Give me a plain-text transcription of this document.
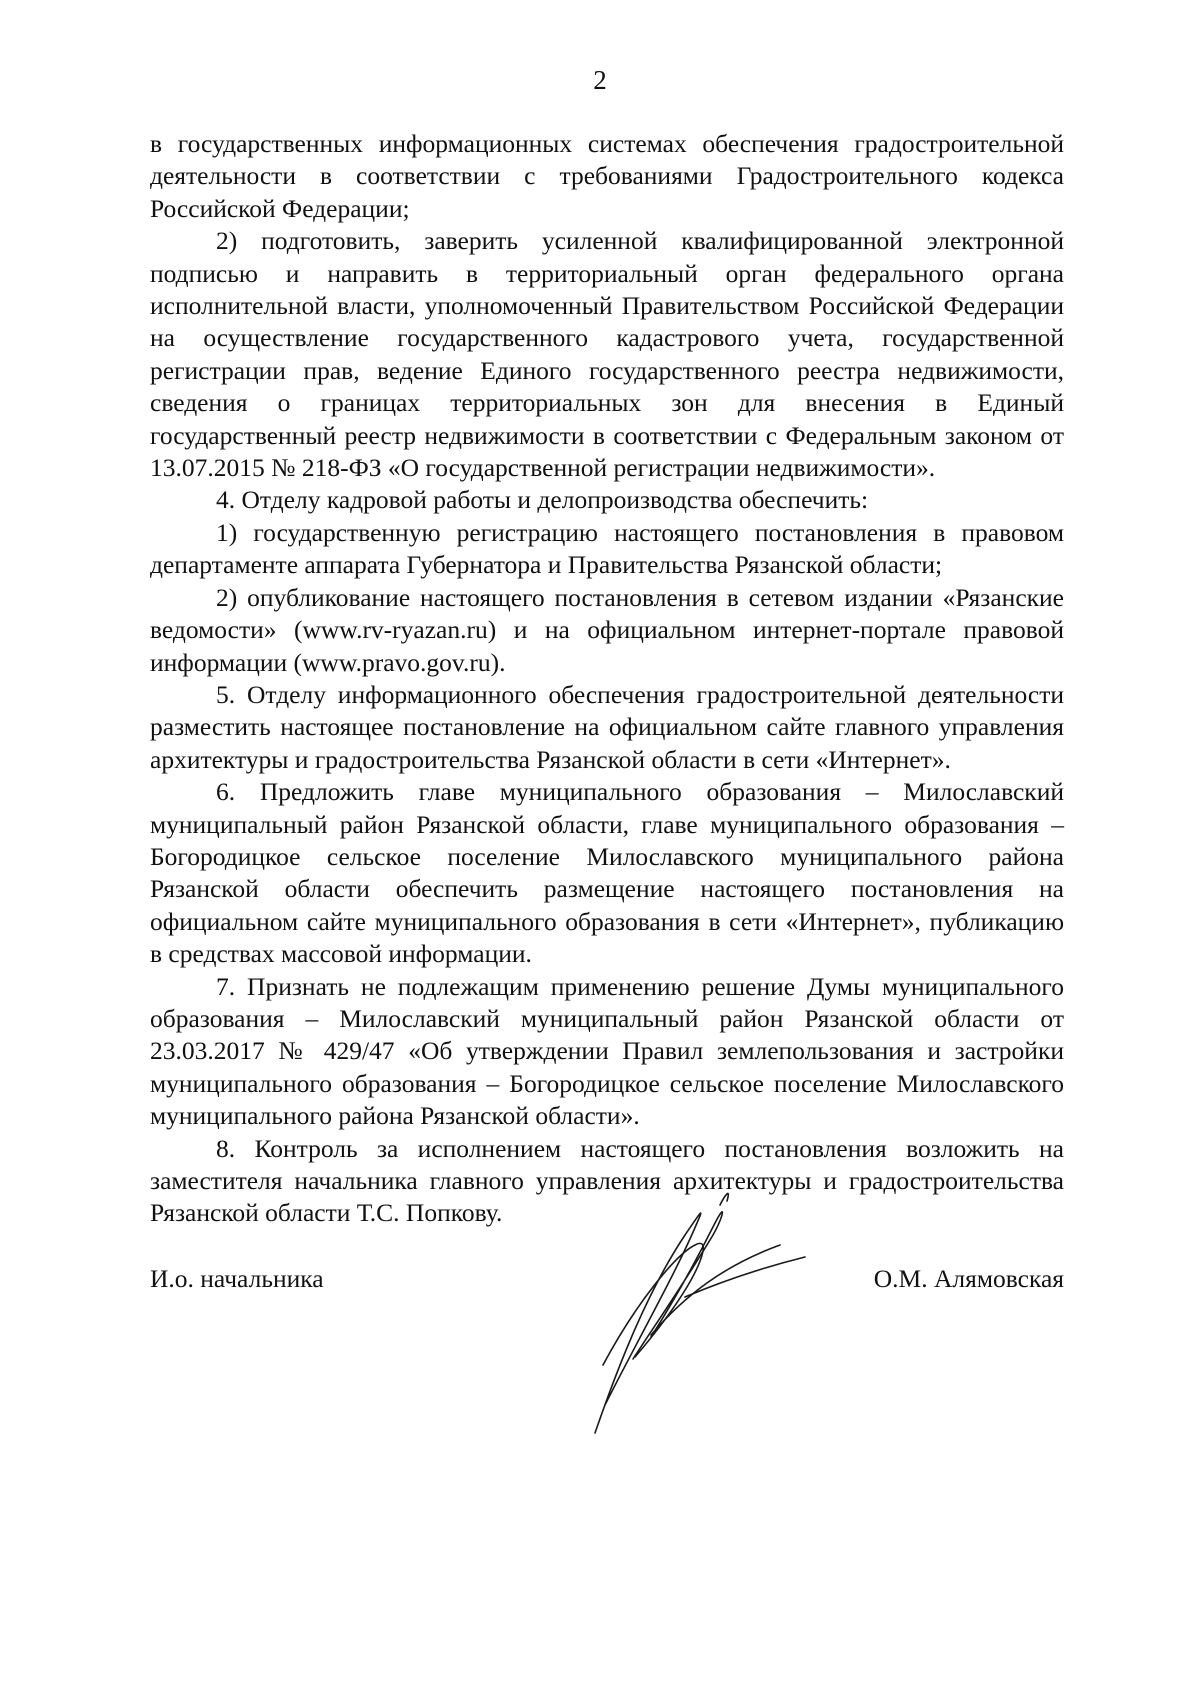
2

в государственных информационных системах обеспечения градостроительной деятельности в соответствии с требованиями Градостроительного кодекса Российской Федерации;

2) подготовить, заверить усиленной квалифицированной электронной подписью и направить в территориальный орган федерального органа исполнительной власти, уполномоченный Правительством Российской Федерации на осуществление государственного кадастрового учета, государственной регистрации прав, ведение Единого государственного реестра недвижимости, сведения о границах территориальных зон для внесения в Единый государственный реестр недвижимости в соответствии с Федеральным законом от 13.07.2015 № 218-ФЗ «О государственной регистрации недвижимости».

4. Отделу кадровой работы и делопроизводства обеспечить:

1) государственную регистрацию настоящего постановления в правовом департаменте аппарата Губернатора и Правительства Рязанской области;

2) опубликование настоящего постановления в сетевом издании «Рязанские ведомости» (www.rv-ryazan.ru) и на официальном интернет-портале правовой информации (www.pravo.gov.ru).

5. Отделу информационного обеспечения градостроительной деятельности разместить настоящее постановление на официальном сайте главного управления архитектуры и градостроительства Рязанской области в сети «Интернет».

6. Предложить главе муниципального образования – Милославский муниципальный район Рязанской области, главе муниципального образования – Богородицкое сельское поселение Милославского муниципального района Рязанской области обеспечить размещение настоящего постановления на официальном сайте муниципального образования в сети «Интернет», публикацию в средствах массовой информации.

7. Признать не подлежащим применению решение Думы муниципального образования – Милославский муниципальный район Рязанской области от 23.03.2017 № 429/47 «Об утверждении Правил землепользования и застройки муниципального образования – Богородицкое сельское поселение Милославского муниципального района Рязанской области».

8. Контроль за исполнением настоящего постановления возложить на заместителя начальника главного управления архитектуры и градостроительства Рязанской области Т.С. Попкову.

И.о. начальника	О.М. Алямовская
